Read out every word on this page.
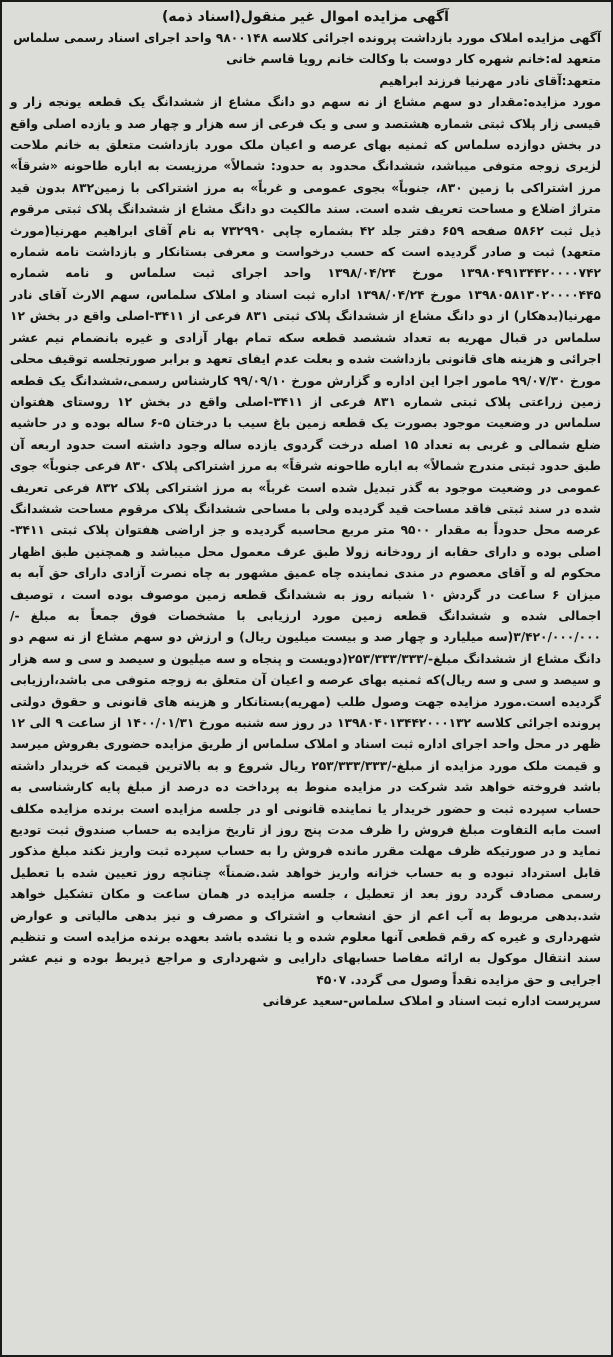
آگهی مزایده اموال غیر منقول(اسناد ذمه)

آگهی مزایده املاک مورد بازداشت پرونده اجرائی کلاسه ۹۸۰۰۱۴۸ واحد اجرای اسناد رسمی سلماس

متعهد له:خانم شهره کار دوست با وکالت خانم رویا قاسم خانی

متعهد:آقای نادر مهرنیا فرزند ابراهیم

مورد مزایده:مقدار دو سهم مشاع از نه سهم دو دانگ مشاع از ششدانگ یک قطعه یونجه زار و قیسی زار پلاک ثبتی شماره هشتصد و سی و یک فرعی از سه هزار و چهار صد و یازده اصلی واقع در بخش دوازده سلماس که ثمنیه بهای عرصه و اعیان ملک مورد بازداشت متعلق به خانم ملاحت لزیری زوجه متوفی میباشد، ششدانگ محدود به حدود: شمالاً» مرزیست به اباره طاحونه «شرقاً» مرز اشتراکی با زمین ۸۳۰، جنوباً» بجوی عمومی و غرباً» به مرز اشتراکی با زمین۸۳۲ بدون قید متراژ اضلاع و مساحت تعریف شده است. سند مالکیت دو دانگ مشاع از ششدانگ پلاک ثبتی مرقوم ذیل ثبت ۵۸۶۲ صفحه ۶۵۹ دفتر جلد ۴۲ بشماره چاپی ۷۳۲۹۹۰ به نام آقای ابراهیم مهرنیا(مورث متعهد) ثبت و صادر گردیده است که حسب درخواست و معرفی بستانکار و بازداشت نامه شماره ۱۳۹۸۰۴۹۱۳۴۴۲۰۰۰۰۷۴۲ مورخ ۱۳۹۸/۰۴/۲۴ واحد اجرای ثبت سلماس و نامه شماره ۱۳۹۸۰۵۸۱۳۰۲۰۰۰۰۴۴۵ مورخ ۱۳۹۸/۰۴/۲۴ اداره ثبت اسناد و املاک سلماس، سهم الارث آقای نادر مهرنیا(بدهکار) از دو دانگ مشاع از ششدانگ پلاک ثبتی ۸۳۱ فرعی از ۳۴۱۱-اصلی واقع در بخش ۱۲ سلماس در قبال مهریه به تعداد ششصد قطعه سکه تمام بهار آزادی و غیره بانضمام نیم عشر اجرائی و هزینه های قانونی بازداشت شده و بعلت عدم ایفای تعهد و برابر صورتجلسه توقیف محلی مورخ ۹۹/۰۷/۳۰ مامور اجرا این اداره و گزارش مورخ ۹۹/۰۹/۱۰ کارشناس رسمی،ششدانگ یک قطعه زمین زراعتی پلاک ثبتی شماره ۸۳۱ فرعی از ۳۴۱۱-اصلی واقع در بخش ۱۲ روستای هفتوان سلماس در وضعیت موجود بصورت یک قطعه زمین باغ سیب با درختان ۵-۶ ساله بوده و در حاشیه ضلع شمالی و غربی به تعداد ۱۵ اصله درخت گردوی یازده ساله وجود داشته است حدود اربعه آن طبق حدود ثبتی مندرج شمالاً» به اباره طاحونه شرقاً» به مرز اشتراکی پلاک ۸۳۰ فرعی جنوباً» جوی عمومی در وضعیت موجود به گذر تبدیل شده است غرباً» به مرز اشتراکی پلاک ۸۳۲ فرعی تعریف شده در سند ثبتی فاقد مساحت قید گردیده ولی با مساحی ششدانگ پلاک مرقوم مساحت ششدانگ عرصه محل حدوداً به مقدار ۹۵۰۰ متر مربع محاسبه گردیده و جز اراضی هفتوان پلاک ثبتی ۳۴۱۱- اصلی بوده و دارای حقابه از رودخانه زولا طبق عرف معمول محل میباشد و همچنین طبق اظهار محکوم له و آقای معصوم در مندی نماینده چاه عمیق مشهور به چاه نصرت آزادی دارای حق آبه به میزان ۶ ساعت در گردش ۱۰ شبانه روز به ششدانگ قطعه زمین موصوف بوده است ، توصیف اجمالی شده و ششدانگ قطعه زمین مورد ارزیابی با مشخصات فوق جمعاً به مبلغ -/۳/۴۲۰/۰۰۰/۰۰۰(سه میلیارد و چهار صد و بیست میلیون ریال) و ارزش دو سهم مشاع از نه سهم دو دانگ مشاع از ششدانگ مبلغ-/۲۵۳/۳۳۳/۳۳۳(دویست و پنجاه و سه میلیون و سیصد و سی و سه هزار و سیصد و سی و سه ریال)که ثمنیه بهای عرصه و اعیان آن متعلق به زوجه متوفی می باشد،ارزیابی گردیده است.مورد مزایده جهت وصول طلب (مهریه)بستانکار و هزینه های قانونی و حقوق دولتی پرونده اجرائی کلاسه ۱۳۹۸۰۴۰۱۳۴۴۲۰۰۰۱۳۲ در روز سه شنبه مورخ ۱۴۰۰/۰۱/۳۱ از ساعت ۹ الی ۱۲ ظهر در محل واحد اجرای اداره ثبت اسناد و املاک سلماس از طریق مزایده حضوری بفروش میرسد و قیمت ملک مورد مزایده از مبلغ-/۲۵۳/۳۳۳/۳۳۳ ریال شروع و به بالاترین قیمت که خریدار داشته باشد فروخته خواهد شد شرکت در مزایده منوط به پرداخت ده درصد از مبلغ پایه کارشناسی به حساب سپرده ثبت و حضور خریدار یا نماینده قانونی او در جلسه مزایده است برنده مزایده مکلف است مابه التفاوت مبلغ فروش را ظرف مدت پنج روز از تاریخ مزایده به حساب صندوق ثبت تودیع نماید و در صورتیکه ظرف مهلت مقرر مانده فروش را به حساب سپرده ثبت واریز نکند مبلغ مذکور قابل استرداد نبوده و به حساب خزانه واریز خواهد شد.ضمناً» چنانچه روز تعیین شده با تعطیل رسمی مصادف گردد روز بعد از تعطیل ، جلسه مزایده در همان ساعت و مکان تشکیل خواهد شد.بدهی مربوط به آب اعم از حق انشعاب و اشتراک و مصرف و نیز بدهی مالیاتی و عوارض شهرداری و غیره که رقم قطعی آنها معلوم شده و یا نشده باشد بعهده برنده مزایده است و تنظیم سند انتقال موکول به ارائه مفاصا حسابهای دارایی و شهرداری و مراجع ذیربط بوده و نیم عشر اجرایی و حق مزایده نقداً وصول می گردد. ۴۵۰۷

سرپرست اداره ثبت اسناد و املاک سلماس-سعید عرفانی
